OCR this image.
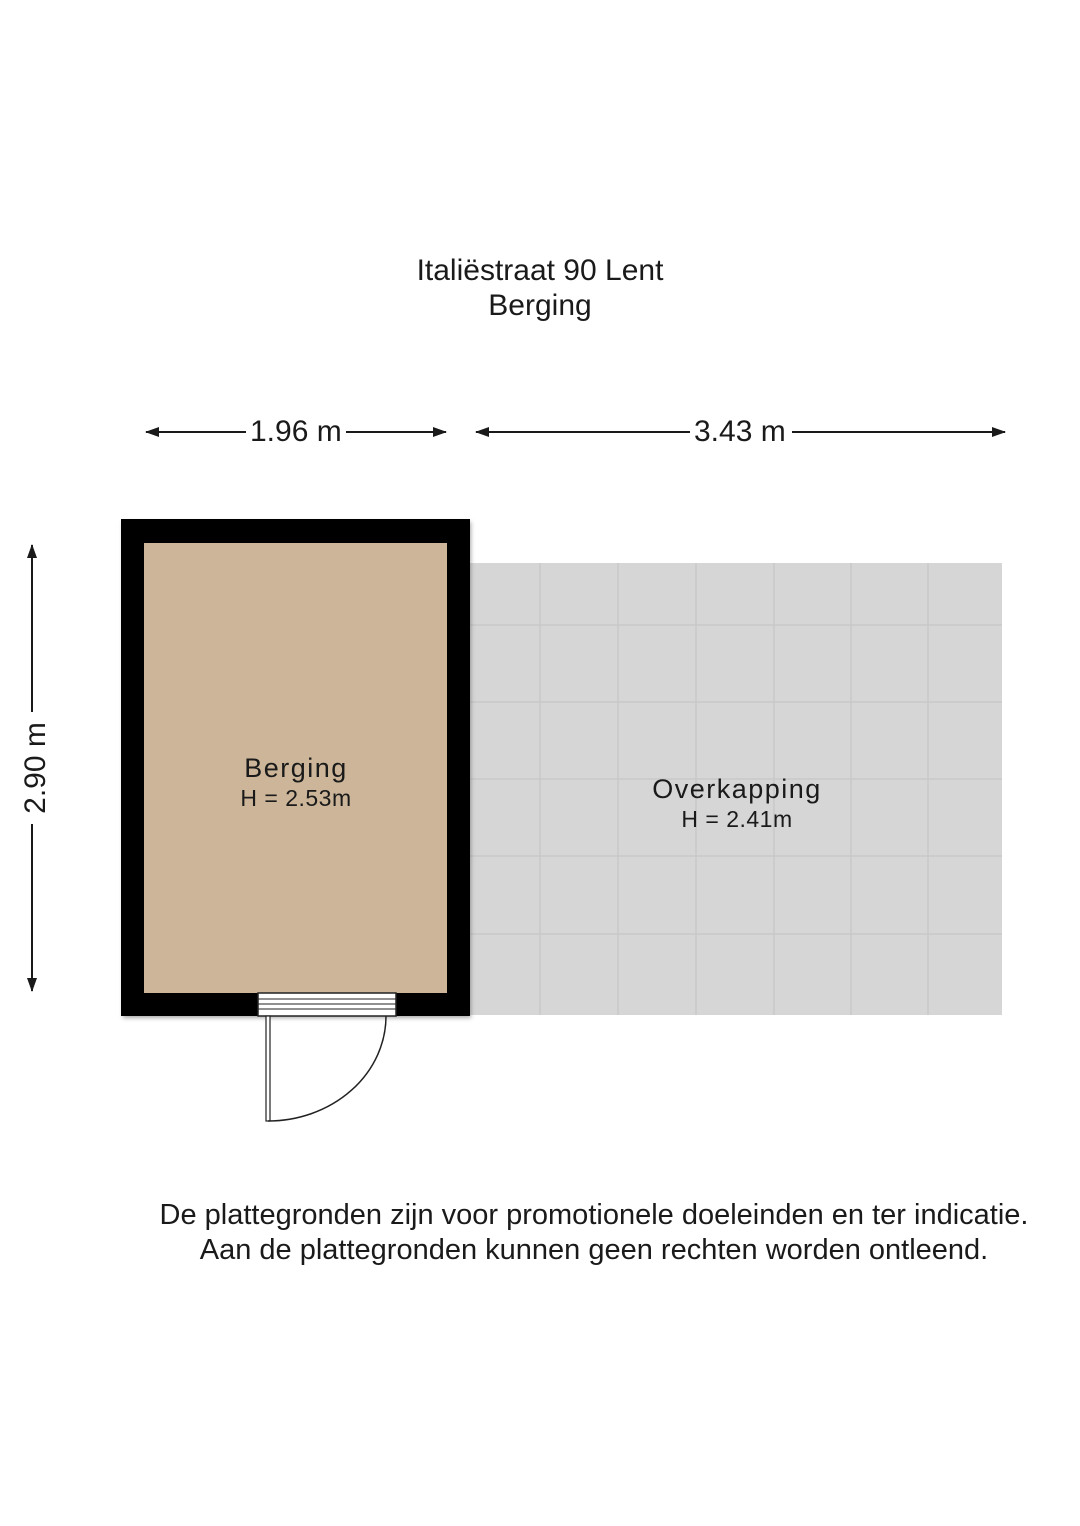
Italiëstraat 90 Lent
Berging
1.96 m	3.43 m
2.90 m	Berging
H = 2.53m	Overkapping
H = 2.41m
De plattegronden zijn voor promotionele doeleinden en ter indicatie.
Aan de plattegronden kunnen geen rechten worden ontleend.
